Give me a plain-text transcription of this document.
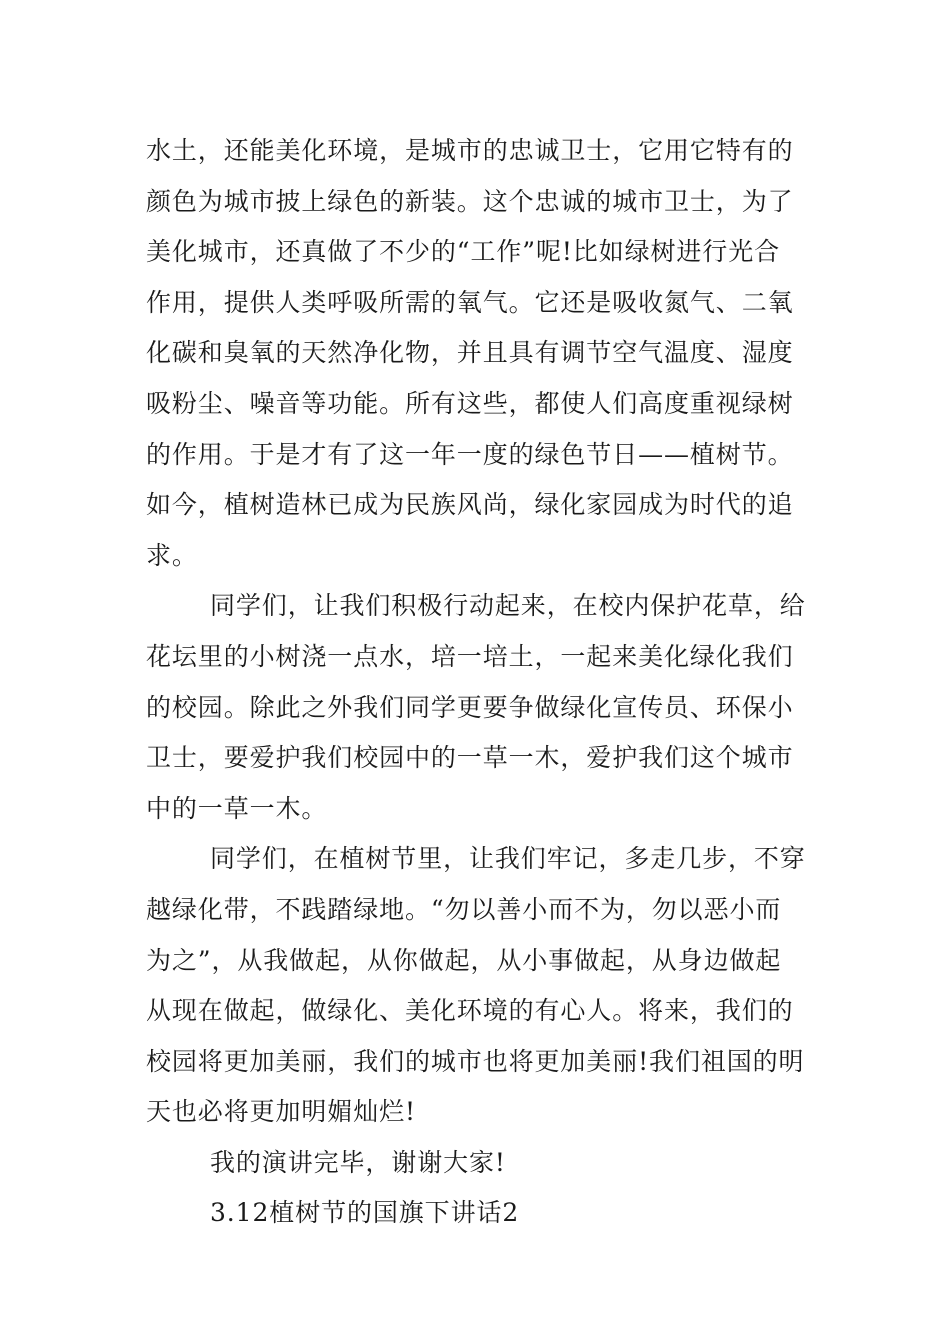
水土，还能美化环境，是城市的忠诚卫士，它用它特有的
颜色为城市披上绿色的新装。这个忠诚的城市卫士，为了
美化城市，还真做了不少的“工作”呢!比如绿树进行光合
作用，提供人类呼吸所需的氧气。它还是吸收氮气、二氧
化碳和臭氧的天然净化物，并且具有调节空气温度、湿度
吸粉尘、噪音等功能。所有这些，都使人们高度重视绿树
的作用。于是才有了这一年一度的绿色节日——植树节。
如今，植树造林已成为民族风尚，绿化家园成为时代的追
求。
同学们，让我们积极行动起来，在校内保护花草，给
花坛里的小树浇一点水，培一培土，一起来美化绿化我们
的校园。除此之外我们同学更要争做绿化宣传员、环保小
卫士，要爱护我们校园中的一草一木，爱护我们这个城市
中的一草一木。
同学们，在植树节里，让我们牢记，多走几步，不穿
越绿化带，不践踏绿地。“勿以善小而不为，勿以恶小而
为之”，从我做起，从你做起，从小事做起，从身边做起
从现在做起，做绿化、美化环境的有心人。将来，我们的
校园将更加美丽，我们的城市也将更加美丽!我们祖国的明
天也必将更加明媚灿烂!
我的演讲完毕，谢谢大家!
3.12植树节的国旗下讲话2
